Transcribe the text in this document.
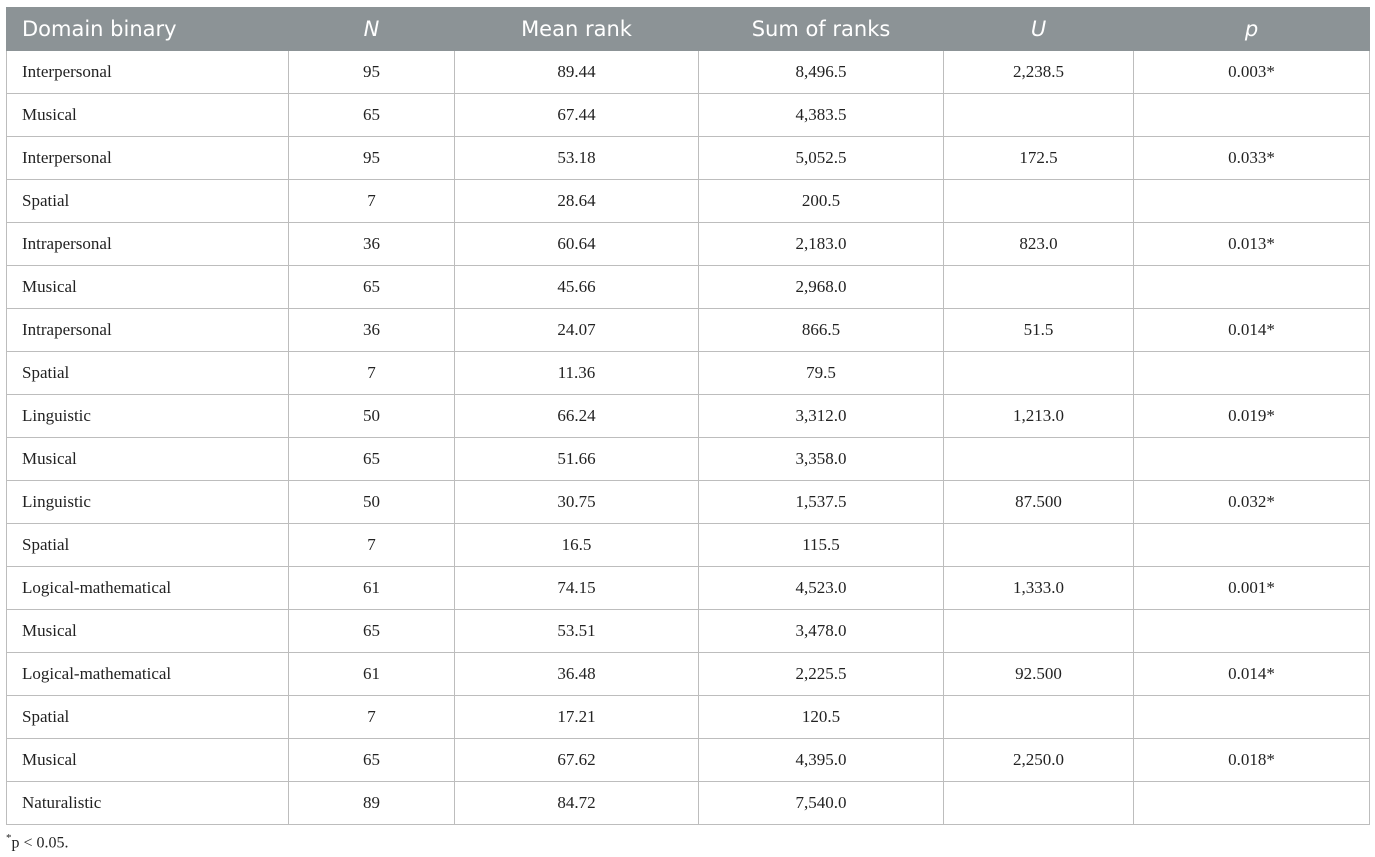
Domain binary	N	Mean rank	Sum of ranks	U	p
Interpersonal	95	89.44	8,496.5	2,238.5	0.003*
Musical	65	67.44	4,383.5		
Interpersonal	95	53.18	5,052.5	172.5	0.033*
Spatial	7	28.64	200.5		
Intrapersonal	36	60.64	2,183.0	823.0	0.013*
Musical	65	45.66	2,968.0		
Intrapersonal	36	24.07	866.5	51.5	0.014*
Spatial	7	11.36	79.5		
Linguistic	50	66.24	3,312.0	1,213.0	0.019*
Musical	65	51.66	3,358.0		
Linguistic	50	30.75	1,537.5	87.500	0.032*
Spatial	7	16.5	115.5		
Logical-mathematical	61	74.15	4,523.0	1,333.0	0.001*
Musical	65	53.51	3,478.0		
Logical-mathematical	61	36.48	2,225.5	92.500	0.014*
Spatial	7	17.21	120.5		
Musical	65	67.62	4,395.0	2,250.0	0.018*
Naturalistic	89	84.72	7,540.0		
*p < 0.05.
